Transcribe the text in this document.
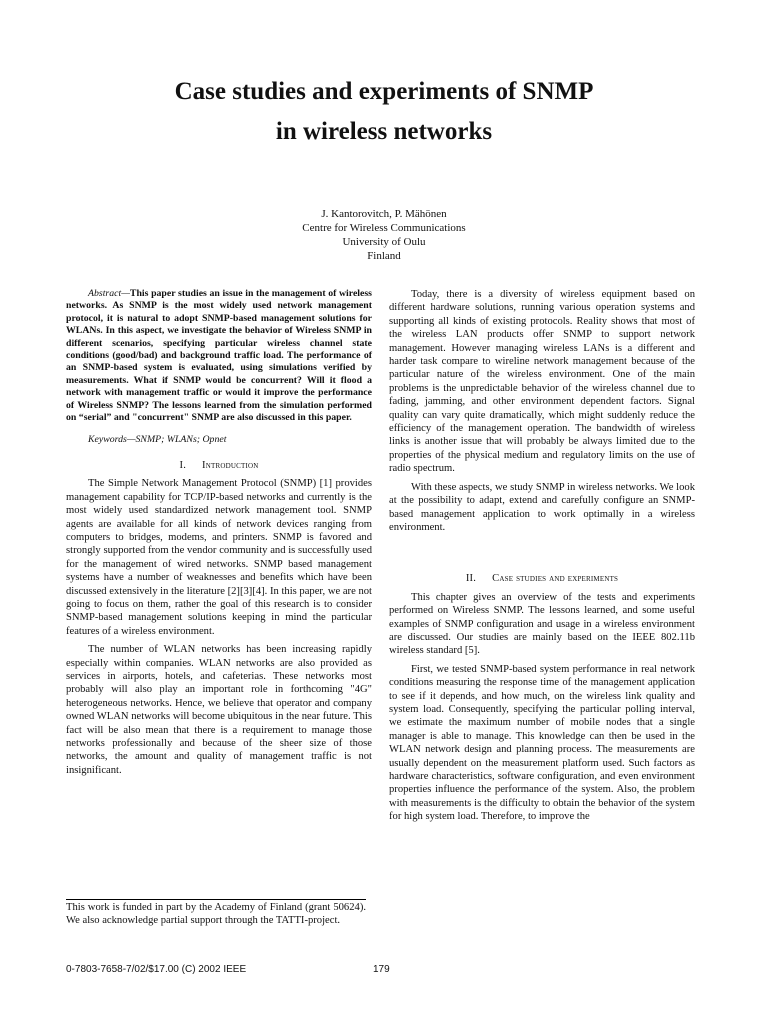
Case studies and experiments of SNMP
in wireless networks
J. Kantorovitch, P. Mähönen
Centre for Wireless Communications
University of Oulu
Finland

Abstract—This paper studies an issue in the management of wireless networks. As SNMP is the most widely used network management protocol, it is natural to adopt SNMP-based management solutions for WLANs. In this aspect, we investigate the behavior of Wireless SNMP in different scenarios, specifying particular wireless channel state conditions (good/bad) and background traffic load. The performance of an SNMP-based system is evaluated, using simulations verified by measurements. What if SNMP would be concurrent? Will it flood a network with management traffic or would it improve the performance of Wireless SNMP? The lessons learned from the simulation performed on “serial” and "concurrent" SNMP are also discussed in this paper.

Keywords—SNMP; WLANs; Opnet

I. Introduction

The Simple Network Management Protocol (SNMP) [1] provides management capability for TCP/IP-based networks and currently is the most widely used standardized network management tool. SNMP agents are available for all kinds of network devices ranging from computers to bridges, modems, and printers. SNMP is favored and strongly supported from the vendor community and is successfully used for the management of wired networks. SNMP based management systems have a number of weaknesses and benefits which have been discussed extensively in the literature [2][3][4]. In this paper, we are not going to focus on them, rather the goal of this research is to consider SNMP-based management solutions keeping in mind the particular features of a wireless environment.

The number of WLAN networks has been increasing rapidly especially within companies. WLAN networks are also provided as services in airports, hotels, and cafeterias. These networks most probably will also play an important role in forthcoming "4G" heterogeneous networks. Hence, we believe that operator and company owned WLAN networks will become ubiquitous in the near future. This fact will be also mean that there is a requirement to manage those networks professionally and because of the sheer size of those networks, the amount and quality of management traffic is not insignificant.

Today, there is a diversity of wireless equipment based on different hardware solutions, running various operation systems and supporting all kinds of existing protocols. Reality shows that most of the wireless LAN products offer SNMP to support network management. However managing wireless LANs is a different and harder task compare to wireline network management because of the particular nature of the wireless environment. One of the main problems is the unpredictable behavior of the wireless channel due to fading, jamming, and other environment dependent factors. Signal quality can vary quite dramatically, which might suddenly reduce the efficiency of the management operation. The bandwidth of wireless links is another issue that will probably be always limited due to the properties of the physical medium and regulatory limits on the use of radio spectrum.

With these aspects, we study SNMP in wireless networks. We look at the possibility to adapt, extend and carefully configure an SNMP-based management application to work optimally in a wireless environment.

II. Case studies and experiments

This chapter gives an overview of the tests and experiments performed on Wireless SNMP. The lessons learned, and some useful examples of SNMP configuration and usage in a wireless environment are discussed. Our studies are mainly based on the IEEE 802.11b wireless standard [5].

First, we tested SNMP-based system performance in real network conditions measuring the response time of the management application to see if it depends, and how much, on the wireless link quality and system load. Consequently, specifying the particular polling interval, we estimate the maximum number of mobile nodes that a single manager is able to manage. This knowledge can then be used in the WLAN network design and planning process. The measurements are usually dependent on the measurement platform used. Such factors as hardware characteristics, software configuration, and even environment properties influence the performance of the system. Also, the problem with measurements is the difficulty to obtain the behavior of the system for high system load. Therefore, to improve the

This work is funded in part by the Academy of Finland (grant 50624). We also acknowledge partial support through the TATTI-project.
0-7803-7658-7/02/$17.00 (C) 2002 IEEE	179
